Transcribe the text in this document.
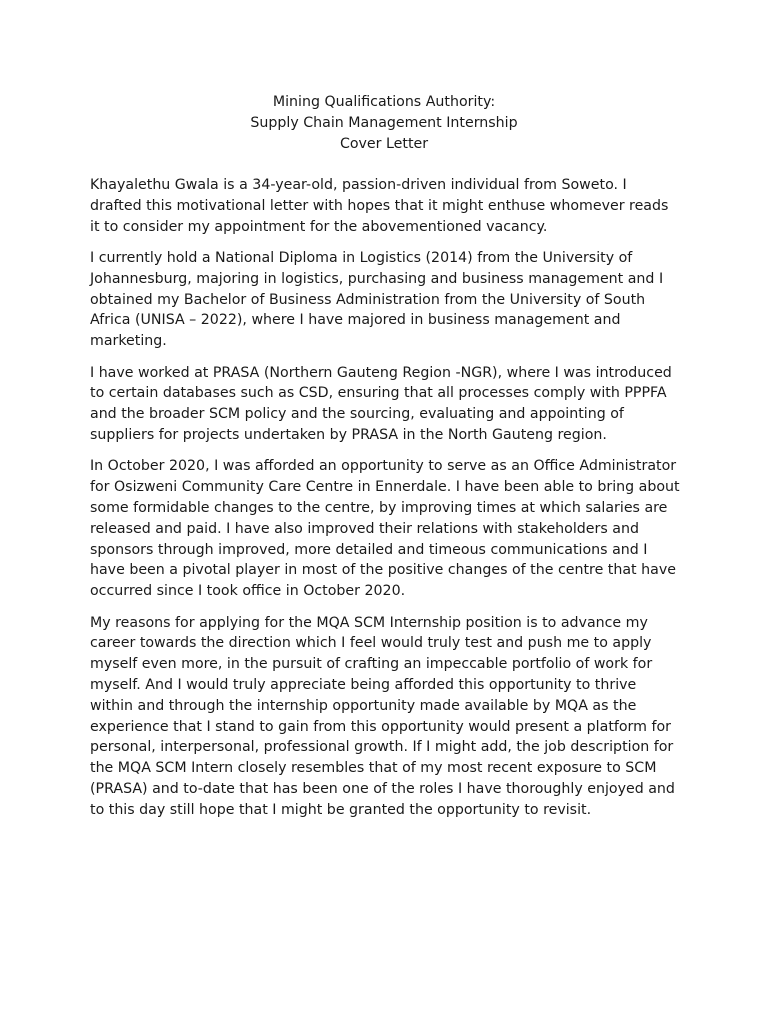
Mining Qualifications Authority:
Supply Chain Management Internship
Cover Letter

Khayalethu Gwala is a 34-year-old, passion-driven individual from Soweto. I drafted this motivational letter with hopes that it might enthuse whomever reads it to consider my appointment for the abovementioned vacancy.

I currently hold a National Diploma in Logistics (2014) from the University of Johannesburg, majoring in logistics, purchasing and business management and I obtained my Bachelor of Business Administration from the University of South Africa (UNISA – 2022), where I have majored in business management and marketing.

I have worked at PRASA (Northern Gauteng Region -NGR), where I was introduced to certain databases such as CSD, ensuring that all processes comply with PPPFA and the broader SCM policy and the sourcing, evaluating and appointing of suppliers for projects undertaken by PRASA in the North Gauteng region.

In October 2020, I was afforded an opportunity to serve as an Office Administrator for Osizweni Community Care Centre in Ennerdale. I have been able to bring about some formidable changes to the centre, by improving times at which salaries are released and paid. I have also improved their relations with stakeholders and sponsors through improved, more detailed and timeous communications and I have been a pivotal player in most of the positive changes of the centre that have occurred since I took office in October 2020.

My reasons for applying for the MQA SCM Internship position is to advance my career towards the direction which I feel would truly test and push me to apply myself even more, in the pursuit of crafting an impeccable portfolio of work for myself. And I would truly appreciate being afforded this opportunity to thrive within and through the internship opportunity made available by MQA as the experience that I stand to gain from this opportunity would present a platform for personal, interpersonal, professional growth. If I might add, the job description for the MQA SCM Intern closely resembles that of my most recent exposure to SCM (PRASA) and to-date that has been one of the roles I have thoroughly enjoyed and to this day still hope that I might be granted the opportunity to revisit.
